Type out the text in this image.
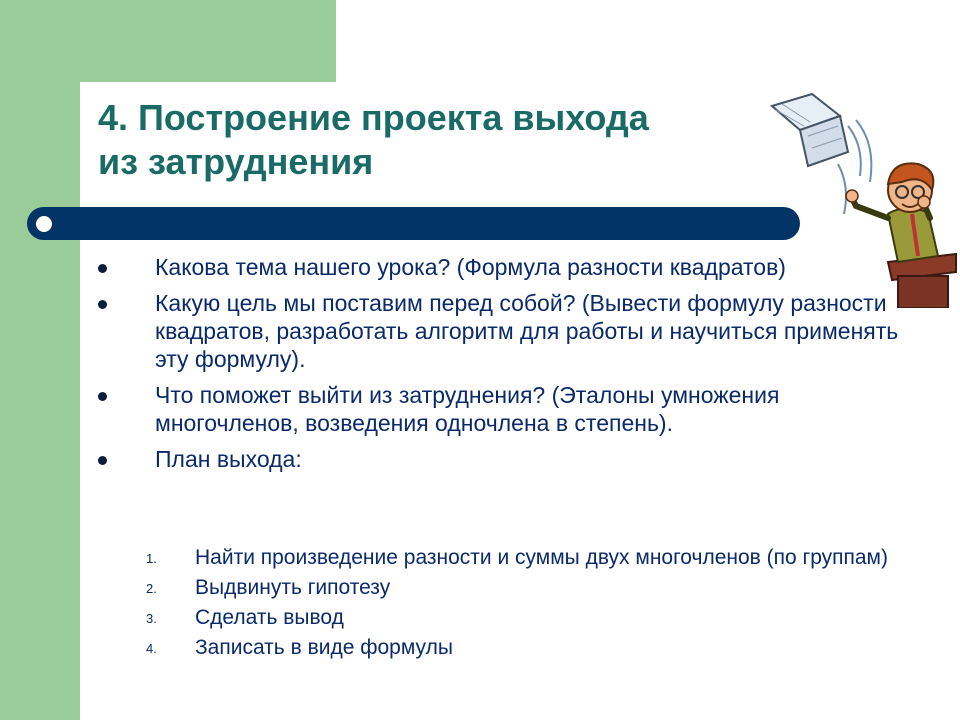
4. Построение проекта выхода
из затруднения
Какова тема нашего урока? (Формула разности квадратов)
Какую цель мы поставим перед собой? (Вывести формулу разности квадратов, разработать алгоритм для работы и научиться применять эту формулу).
Что поможет выйти из затруднения? (Эталоны умножения многочленов, возведения одночлена в степень).
План выхода:
1. Найти произведение разности и суммы двух многочленов (по группам)
2. Выдвинуть гипотезу
3. Сделать вывод
4. Записать в виде формулы
